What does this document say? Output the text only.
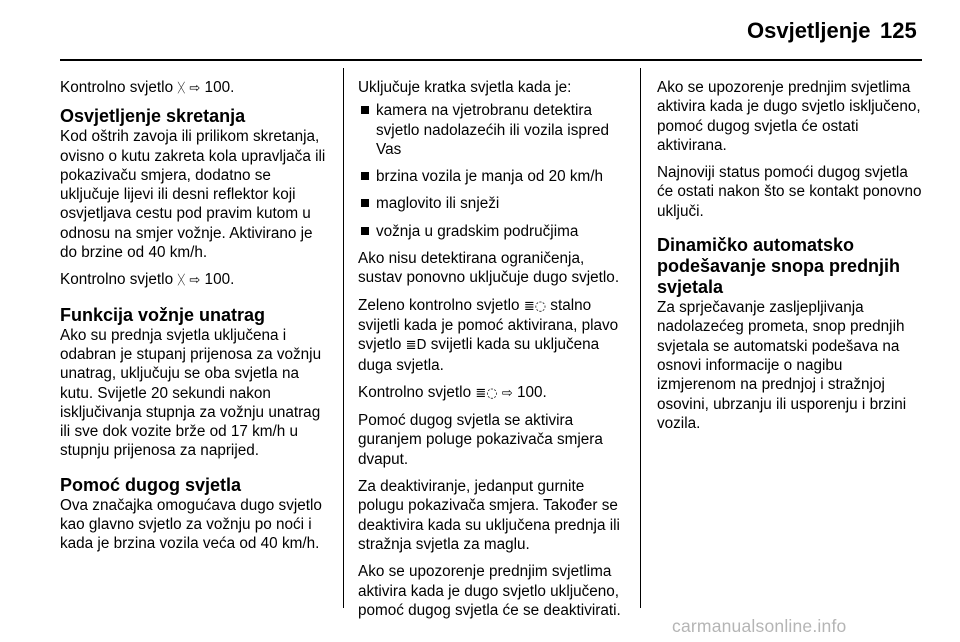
Osvjetljenje 125

Kontrolno svjetlo ᚷ ⇨ 100.

Osvjetljenje skretanja

Kod oštrih zavoja ili prilikom skretanja, ovisno o kutu zakreta kola upravljača ili pokazivaču smjera, dodatno se uključuje lijevi ili desni reflektor koji osvjetljava cestu pod pravim kutom u odnosu na smjer vožnje. Aktivirano je do brzine od 40 km/h.

Kontrolno svjetlo ᚷ ⇨ 100.

Funkcija vožnje unatrag

Ako su prednja svjetla uključena i odabran je stupanj prijenosa za vožnju unatrag, uključuju se oba svjetla na kutu. Svijetle 20 sekundi nakon isključivanja stupnja za vožnju unatrag ili sve dok vozite brže od 17 km/h u stupnju prijenosa za naprijed.

Pomoć dugog svjetla

Ova značajka omogućava dugo svjetlo kao glavno svjetlo za vožnju po noći i kada je brzina vozila veća od 40 km/h.

Uključuje kratka svjetla kada je:

kamera na vjetrobranu detektira svjetlo nadolazećih ili vozila ispred Vas
brzina vozila je manja od 20 km/h
maglovito ili snježi
vožnja u gradskim područjima

Ako nisu detektirana ograničenja, sustav ponovno uključuje dugo svjetlo.

Zeleno kontrolno svjetlo ≣◌ stalno svijetli kada je pomoć aktivirana, plavo svjetlo ≣D svijetli kada su uključena duga svjetla.

Kontrolno svjetlo ≣◌ ⇨ 100.

Pomoć dugog svjetla se aktivira guranjem poluge pokazivača smjera dvaput.

Za deaktiviranje, jedanput gurnite polugu pokazivača smjera. Također se deaktivira kada su uključena prednja ili stražnja svjetla za maglu.

Ako se upozorenje prednjim svjetlima aktivira kada je dugo svjetlo uključeno, pomoć dugog svjetla će se deaktivirati.

Ako se upozorenje prednjim svjetlima aktivira kada je dugo svjetlo isključeno, pomoć dugog svjetla će ostati aktivirana.

Najnoviji status pomoći dugog svjetla će ostati nakon što se kontakt ponovno uključi.

Dinamičko automatsko podešavanje snopa prednjih svjetala

Za sprječavanje zasljepljivanja nadolazećeg prometa, snop prednjih svjetala se automatski podešava na osnovi informacije o nagibu izmjerenom na prednjoj i stražnjoj osovini, ubrzanju ili usporenju i brzini vozila.

carmanualsonline.info
